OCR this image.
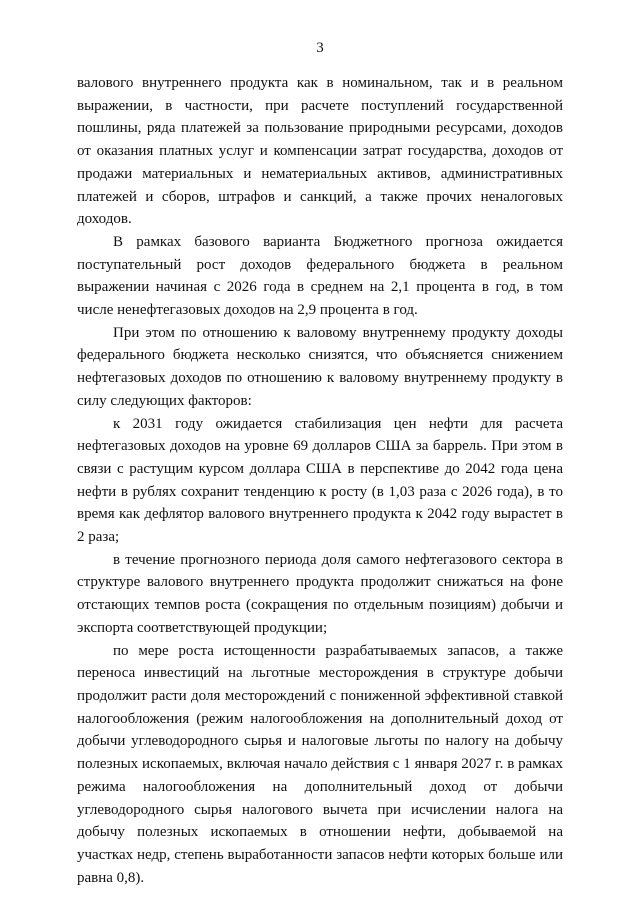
3

валового внутреннего продукта как в номинальном, так и в реальном выражении, в частности, при расчете поступлений государственной пошлины, ряда платежей за пользование природными ресурсами, доходов от оказания платных услуг и компенсации затрат государства, доходов от продажи материальных и нематериальных активов, административных платежей и сборов, штрафов и санкций, а также прочих неналоговых доходов.

В рамках базового варианта Бюджетного прогноза ожидается поступательный рост доходов федерального бюджета в реальном выражении начиная с 2026 года в среднем на 2,1 процента в год, в том числе ненефтегазовых доходов на 2,9 процента в год.

При этом по отношению к валовому внутреннему продукту доходы федерального бюджета несколько снизятся, что объясняется снижением нефтегазовых доходов по отношению к валовому внутреннему продукту в силу следующих факторов:

к 2031 году ожидается стабилизация цен нефти для расчета нефтегазовых доходов на уровне 69 долларов США за баррель. При этом в связи с растущим курсом доллара США в перспективе до 2042 года цена нефти в рублях сохранит тенденцию к росту (в 1,03 раза с 2026 года), в то время как дефлятор валового внутреннего продукта к 2042 году вырастет в 2 раза;

в течение прогнозного периода доля самого нефтегазового сектора в структуре валового внутреннего продукта продолжит снижаться на фоне отстающих темпов роста (сокращения по отдельным позициям) добычи и экспорта соответствующей продукции;

по мере роста истощенности разрабатываемых запасов, а также переноса инвестиций на льготные месторождения в структуре добычи продолжит расти доля месторождений с пониженной эффективной ставкой налогообложения (режим налогообложения на дополнительный доход от добычи углеводородного сырья и налоговые льготы по налогу на добычу полезных ископаемых, включая начало действия с 1 января 2027 г. в рамках режима налогообложения на дополнительный доход от добычи углеводородного сырья налогового вычета при исчислении налога на добычу полезных ископаемых в отношении нефти, добываемой на участках недр, степень выработанности запасов нефти которых больше или равна 0,8).
